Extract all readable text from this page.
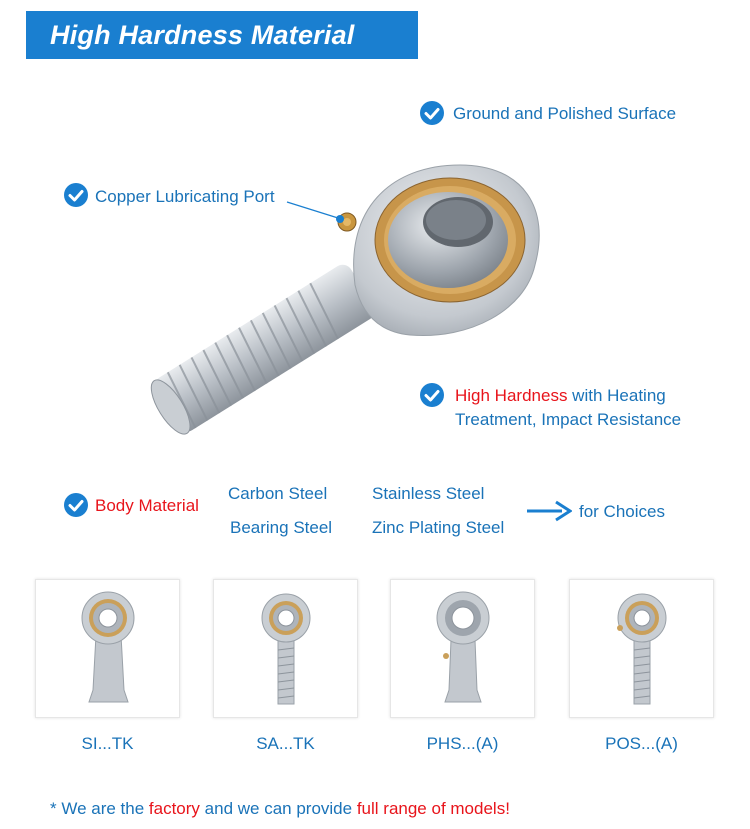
High Hardness Material
Ground and Polished Surface
Copper Lubricating Port
High Hardness with Heating
Treatment, Impact Resistance
Body Material
Carbon Steel	Stainless Steel
Bearing Steel Zinc Plating Steel
for Choices
SI...TK	SA...TK	PHS...(A)	POS...(A)
* We are the factory and we can provide full range of models!
